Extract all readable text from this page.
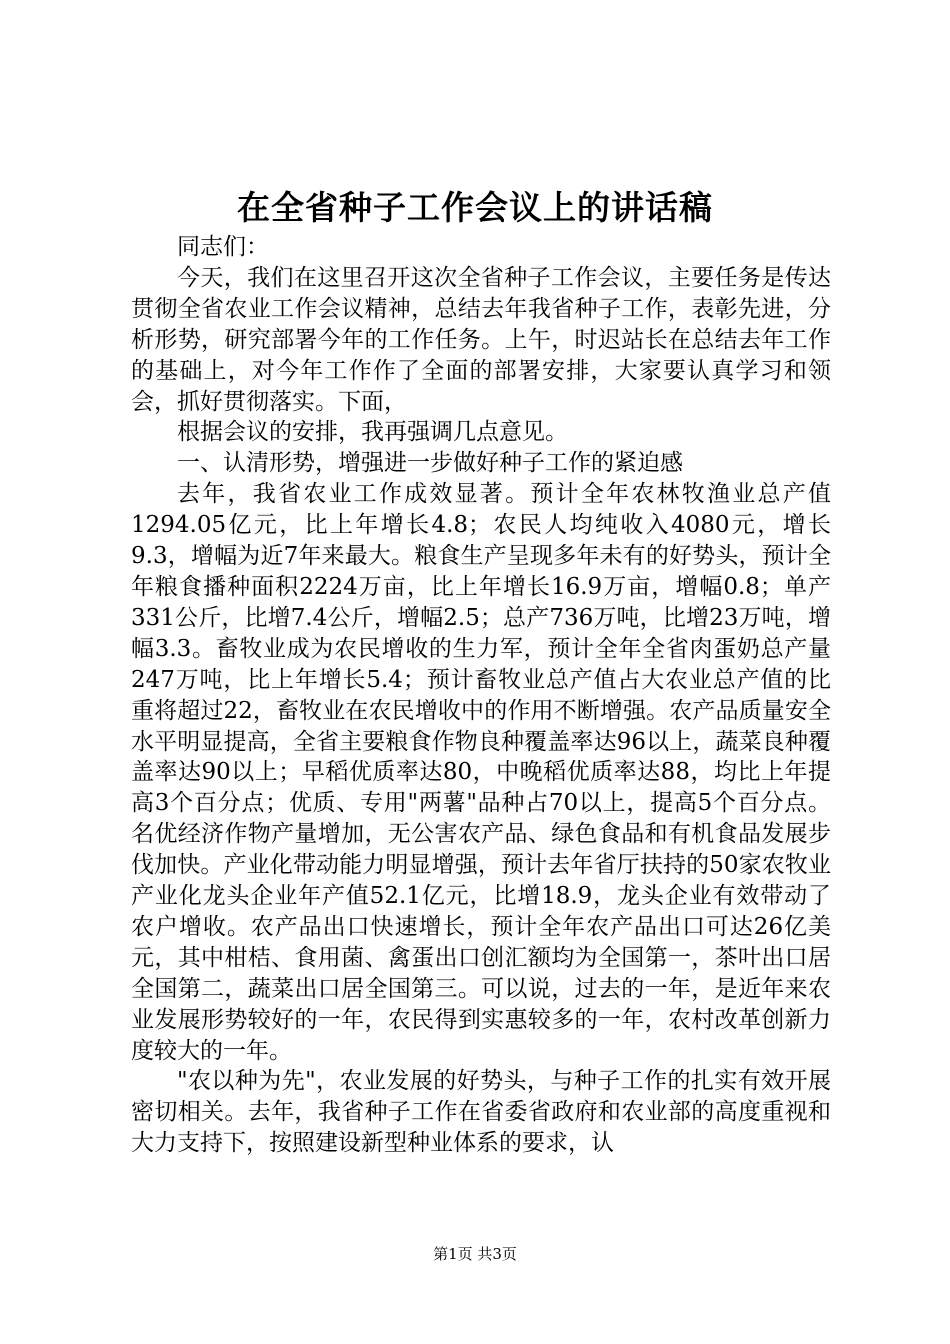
在全省种子工作会议上的讲话稿

同志们：

今天，我们在这里召开这次全省种子工作会议，主要任务是传达贯彻全省农业工作会议精神，总结去年我省种子工作，表彰先进，分析形势，研究部署今年的工作任务。上午，时迟站长在总结去年工作的基础上，对今年工作作了全面的部署安排，大家要认真学习和领会，抓好贯彻落实。下面，

根据会议的安排，我再强调几点意见。

一、认清形势，增强进一步做好种子工作的紧迫感

去年，我省农业工作成效显著。预计全年农林牧渔业总产值1294.05亿元，比上年增长4.8；农民人均纯收入4080元，增长9.3，增幅为近7年来最大。粮食生产呈现多年未有的好势头，预计全年粮食播种面积2224万亩，比上年增长16.9万亩，增幅0.8；单产331公斤，比增7.4公斤，增幅2.5；总产736万吨，比增23万吨，增幅3.3。畜牧业成为农民增收的生力军，预计全年全省肉蛋奶总产量247万吨，比上年增长5.4；预计畜牧业总产值占大农业总产值的比重将超过22，畜牧业在农民增收中的作用不断增强。农产品质量安全水平明显提高，全省主要粮食作物良种覆盖率达96以上，蔬菜良种覆盖率达90以上；早稻优质率达80，中晚稻优质率达88，均比上年提高3个百分点；优质、专用"两薯"品种占70以上，提高5个百分点。名优经济作物产量增加，无公害农产品、绿色食品和有机食品发展步伐加快。产业化带动能力明显增强，预计去年省厅扶持的50家农牧业产业化龙头企业年产值52.1亿元，比增18.9，龙头企业有效带动了农户增收。农产品出口快速增长，预计全年农产品出口可达26亿美元，其中柑桔、食用菌、禽蛋出口创汇额均为全国第一，茶叶出口居全国第二，蔬菜出口居全国第三。可以说，过去的一年，是近年来农业发展形势较好的一年，农民得到实惠较多的一年，农村改革创新力度较大的一年。

"农以种为先"，农业发展的好势头，与种子工作的扎实有效开展密切相关。去年，我省种子工作在省委省政府和农业部的高度重视和大力支持下，按照建设新型种业体系的要求，认

第1页 共3页
